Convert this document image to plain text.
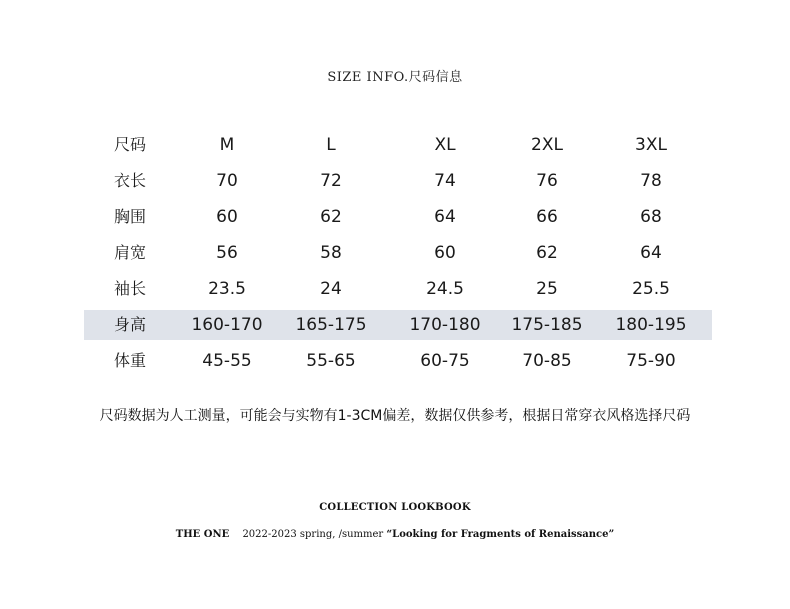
SIZE INFO.尺码信息
尺码	M	L	XL	2XL	3XL
衣长	70	72	74	76	78
胸围	60	62	64	66	68
肩宽	56	58	60	62	64
袖长	23.5	24	24.5	25	25.5
身高	160-170	165-175	170-180	175-185	180-195
体重	45-55	55-65	60-75	70-85	75-90
尺码数据为人工测量，可能会与实物有1-3CM偏差，数据仅供参考，根据日常穿衣风格选择尺码
COLLECTION LOOKBOOK
THE ONE 2022-2023 spring, /summer “Looking for Fragments of Renaissance”
